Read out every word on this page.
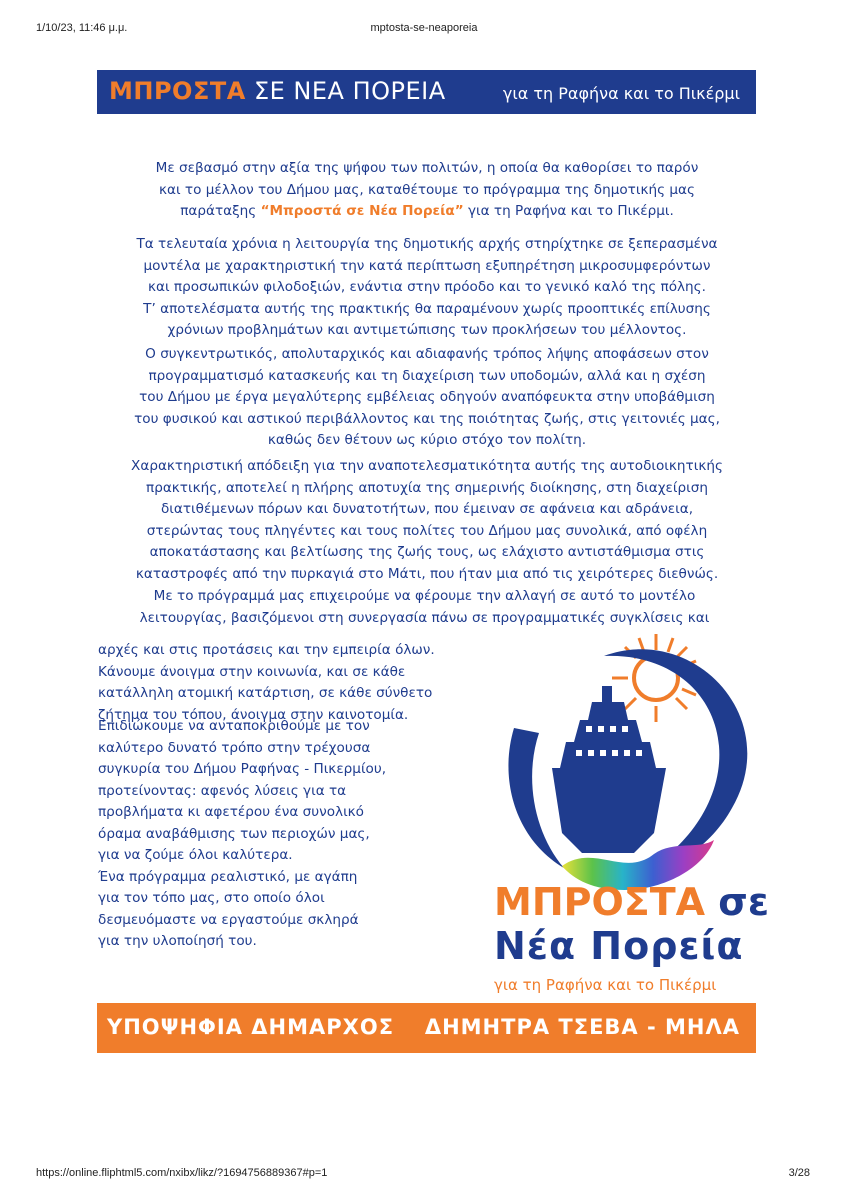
1/10/23, 11:46 μ.μ.	mptosta-se-neaporeia
ΜΠΡΟΣΤΑ ΣΕ ΝΕΑ ΠΟΡΕΙΑ	για τη Ραφήνα και το Πικέρμι
Με σεβασμό στην αξία της ψήφου των πολιτών, η οποία θα καθορίσει το παρόν
και το μέλλον του Δήμου μας, καταθέτουμε το πρόγραμμα της δημοτικής μας
παράταξης “Μπροστά σε Νέα Πορεία” για τη Ραφήνα και το Πικέρμι.
Τα τελευταία χρόνια η λειτουργία της δημοτικής αρχής στηρίχτηκε σε ξεπερασμένα
μοντέλα με χαρακτηριστική την κατά περίπτωση εξυπηρέτηση μικροσυμφερόντων
και προσωπικών φιλοδοξιών, ενάντια στην πρόοδο και το γενικό καλό της πόλης.
Τ’ αποτελέσματα αυτής της πρακτικής θα παραμένουν χωρίς προοπτικές επίλυσης
χρόνιων προβλημάτων και αντιμετώπισης των προκλήσεων του μέλλοντος.
Ο συγκεντρωτικός, απολυταρχικός και αδιαφανής τρόπος λήψης αποφάσεων στον
προγραμματισμό κατασκευής και τη διαχείριση των υποδομών, αλλά και η σχέση
του Δήμου με έργα μεγαλύτερης εμβέλειας οδηγούν αναπόφευκτα στην υποβάθμιση
του φυσικού και αστικού περιβάλλοντος και της ποιότητας ζωής, στις γειτονιές μας,
καθώς δεν θέτουν ως κύριο στόχο τον πολίτη.
Χαρακτηριστική απόδειξη για την αναποτελεσματικότητα αυτής της αυτοδιοικητικής
πρακτικής, αποτελεί η πλήρης αποτυχία της σημερινής διοίκησης, στη διαχείριση
διατιθέμενων πόρων και δυνατοτήτων, που έμειναν σε αφάνεια και αδράνεια,
στερώντας τους πληγέντες και τους πολίτες του Δήμου μας συνολικά, από οφέλη
αποκατάστασης και βελτίωσης της ζωής τους, ως ελάχιστο αντιστάθμισμα στις
καταστροφές από την πυρκαγιά στο Μάτι, που ήταν μια από τις χειρότερες διεθνώς.
Με το πρόγραμμά μας επιχειρούμε να φέρουμε την αλλαγή σε αυτό το μοντέλο
λειτουργίας, βασιζόμενοι στη συνεργασία πάνω σε προγραμματικές συγκλίσεις και
αρχές και στις προτάσεις και την εμπειρία όλων.
Κάνουμε άνοιγμα στην κοινωνία, και σε κάθε
κατάλληλη ατομική κατάρτιση, σε κάθε σύνθετο
ζήτημα του τόπου, άνοιγμα στην καινοτομία.
Επιδιώκουμε να ανταποκριθούμε με τον
καλύτερο δυνατό τρόπο στην τρέχουσα
συγκυρία του Δήμου Ραφήνας - Πικερμίου,
προτείνοντας: αφενός λύσεις για τα
προβλήματα κι αφετέρου ένα συνολικό
όραμα αναβάθμισης των περιοχών μας,
για να ζούμε όλοι καλύτερα.
Ένα πρόγραμμα ρεαλιστικό, με αγάπη
για τον τόπο μας, στο οποίο όλοι
δεσμευόμαστε να εργαστούμε σκληρά
για την υλοποίησή του.
ΜΠΡΟΣΤΑ σε
Νέα Πορεία
για τη Ραφήνα και το Πικέρμι
ΥΠΟΨΗΦΙΑ ΔΗΜΑΡΧΟΣ ΔΗΜΗΤΡΑ ΤΣΕΒΑ - ΜΗΛΑ
https://online.fliphtml5.com/nxibx/likz/?1694756889367#p=1	3/28
